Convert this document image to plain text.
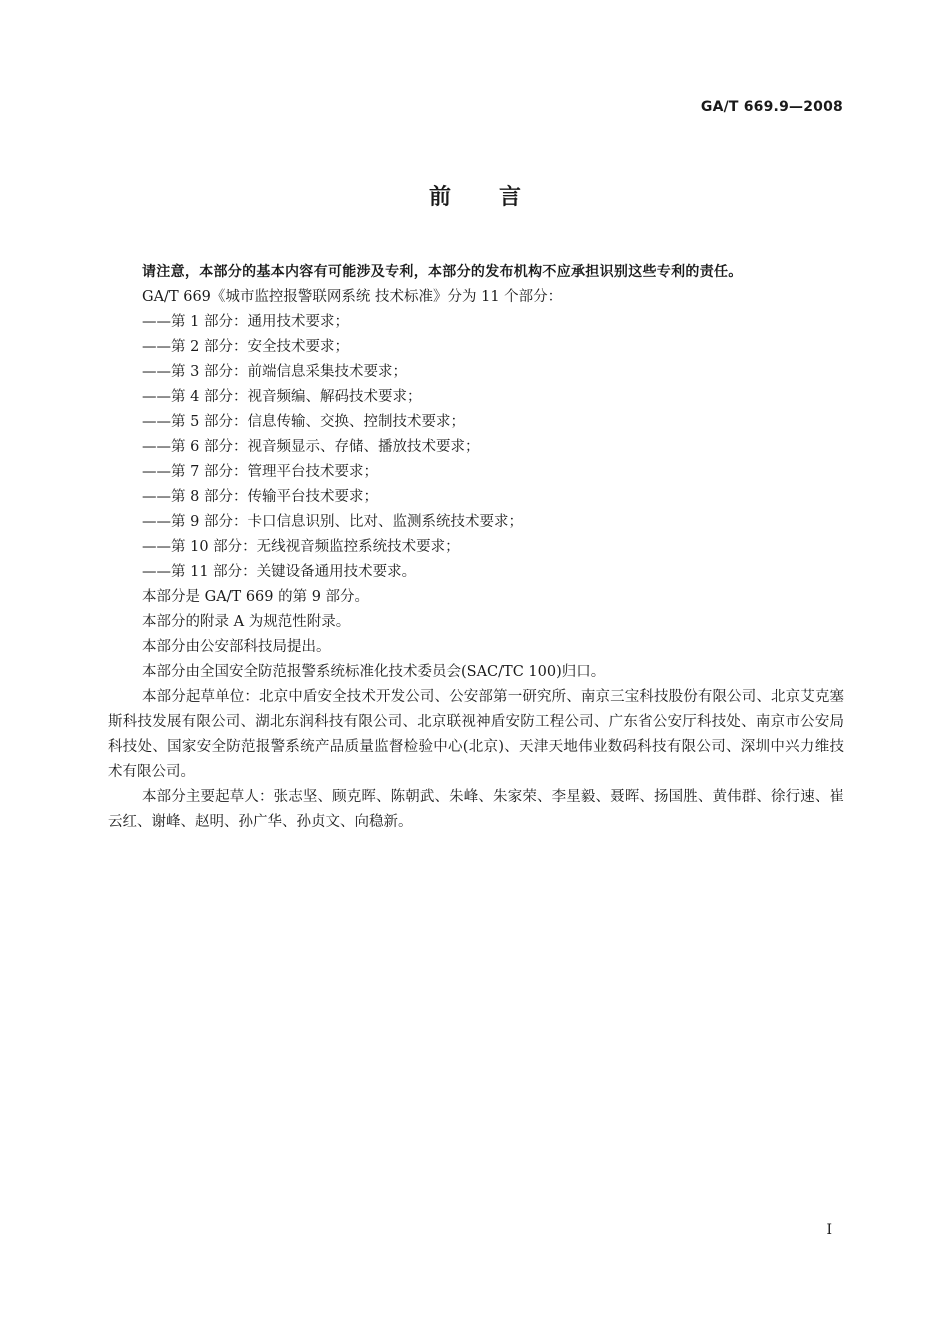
GA/T 669.9—2008
前言
请注意，本部分的基本内容有可能涉及专利，本部分的发布机构不应承担识别这些专利的责任。
GA/T 669《城市监控报警联网系统 技术标准》分为 11 个部分：
——第 1 部分：通用技术要求；
——第 2 部分：安全技术要求；
——第 3 部分：前端信息采集技术要求；
——第 4 部分：视音频编、解码技术要求；
——第 5 部分：信息传输、交换、控制技术要求；
——第 6 部分：视音频显示、存储、播放技术要求；
——第 7 部分：管理平台技术要求；
——第 8 部分：传输平台技术要求；
——第 9 部分：卡口信息识别、比对、监测系统技术要求；
——第 10 部分：无线视音频监控系统技术要求；
——第 11 部分：关键设备通用技术要求。
本部分是 GA/T 669 的第 9 部分。
本部分的附录 A 为规范性附录。
本部分由公安部科技局提出。
本部分由全国安全防范报警系统标准化技术委员会(SAC/TC 100)归口。
本部分起草单位：北京中盾安全技术开发公司、公安部第一研究所、南京三宝科技股份有限公司、北京艾克塞斯科技发展有限公司、湖北东润科技有限公司、北京联视神盾安防工程公司、广东省公安厅科技处、南京市公安局科技处、国家安全防范报警系统产品质量监督检验中心(北京)、天津天地伟业数码科技有限公司、深圳中兴力维技术有限公司。
本部分主要起草人：张志坚、顾克晖、陈朝武、朱峰、朱家荣、李星毅、聂晖、扬国胜、黄伟群、徐行速、崔云红、谢峰、赵明、孙广华、孙贞文、向稳新。
I
